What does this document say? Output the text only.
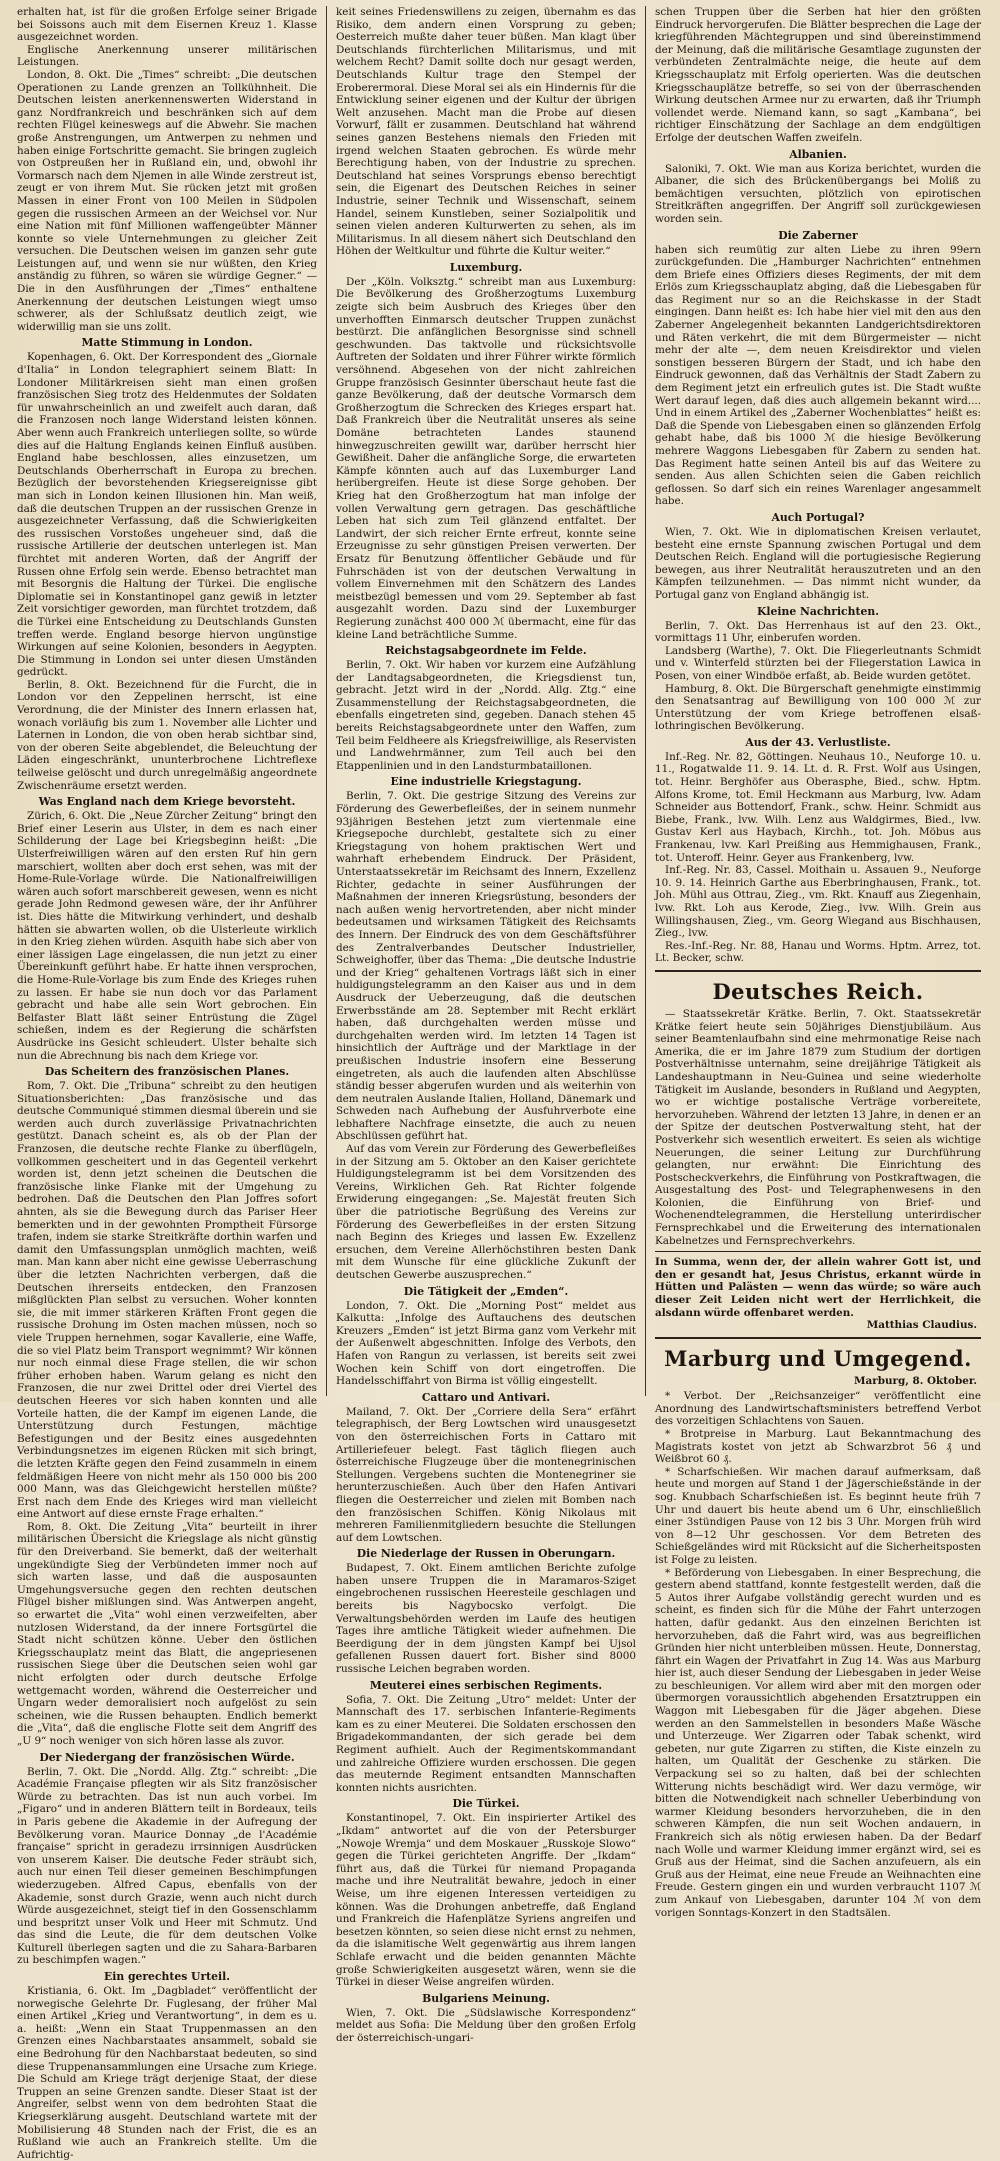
erhalten hat, ist für die großen Erfolge seiner Brigade bei Soissons auch mit dem Eisernen Kreuz 1. Klasse ausgezeichnet worden.

Englische Anerkennung unserer militärischen Leistungen.

London, 8. Okt. Die „Times“ schreibt: „Die deutschen Operationen zu Lande grenzen an Tollkühnheit. Die Deutschen leisten anerkennenswerten Widerstand in ganz Nordfrankreich und beschränken sich auf dem rechten Flügel keineswegs auf die Abwehr. Sie machen große Anstrengungen, um Antwerpen zu nehmen und haben einige Fortschritte gemacht. Sie bringen zugleich von Ostpreußen her in Rußland ein, und, obwohl ihr Vormarsch nach dem Njemen in alle Winde zerstreut ist, zeugt er von ihrem Mut. Sie rücken jetzt mit großen Massen in einer Front von 100 Meilen in Südpolen gegen die russischen Armeen an der Weichsel vor. Nur eine Nation mit fünf Millionen waffengeübter Männer konnte so viele Unternehmungen zu gleicher Zeit versuchen. Die Deutschen weisen im ganzen sehr gute Leistungen auf, und wenn sie nur wüßten, den Krieg anständig zu führen, so wären sie würdige Gegner.“ — Die in den Ausführungen der „Times“ enthaltene Anerkennung der deutschen Leistungen wiegt umso schwerer, als der Schlußsatz deutlich zeigt, wie widerwillig man sie uns zollt.

Matte Stimmung in London.

Kopenhagen, 6. Okt. Der Korrespondent des „Giornale d'Italia“ in London telegraphiert seinem Blatt: In Londoner Militärkreisen sieht man einen großen französischen Sieg trotz des Heldenmutes der Soldaten für unwahrscheinlich an und zweifelt auch daran, daß die Franzosen noch lange Widerstand leisten können. Aber wenn auch Frankreich unterliegen sollte, so würde dies auf die Haltung Englands keinen Einfluß ausüben. England habe beschlossen, alles einzusetzen, um Deutschlands Oberherrschaft in Europa zu brechen. Bezüglich der bevorstehenden Kriegsereignisse gibt man sich in London keinen Illusionen hin. Man weiß, daß die deutschen Truppen an der russischen Grenze in ausgezeichneter Verfassung, daß die Schwierigkeiten des russischen Vorstoßes ungeheuer sind, daß die russische Artillerie der deutschen unterlegen ist. Man fürchtet mit anderen Worten, daß der Angriff der Russen ohne Erfolg sein werde. Ebenso betrachtet man mit Besorgnis die Haltung der Türkei. Die englische Diplomatie sei in Konstantinopel ganz gewiß in letzter Zeit vorsichtiger geworden, man fürchtet trotzdem, daß die Türkei eine Entscheidung zu Deutschlands Gunsten treffen werde. England besorge hiervon ungünstige Wirkungen auf seine Kolonien, besonders in Aegypten. Die Stimmung in London sei unter diesen Umständen gedrückt.

Berlin, 8. Okt. Bezeichnend für die Furcht, die in London vor den Zeppelinen herrscht, ist eine Verordnung, die der Minister des Innern erlassen hat, wonach vorläufig bis zum 1. November alle Lichter und Laternen in London, die von oben herab sichtbar sind, von der oberen Seite abgeblendet, die Beleuchtung der Läden eingeschränkt, ununterbrochene Lichtreflexe teilweise gelöscht und durch unregelmäßig angeordnete Zwischenräume ersetzt werden.

Was England nach dem Kriege bevorsteht.

Zürich, 6. Okt. Die „Neue Zürcher Zeitung“ bringt den Brief einer Leserin aus Ulster, in dem es nach einer Schilderung der Lage bei Kriegsbeginn heißt: „Die Ulsterfreiwilligen wären auf den ersten Ruf hin gern marschiert, wollten aber doch erst sehen, was mit der Home-Rule-Vorlage würde. Die Nationalfreiwilligen wären auch sofort marschbereit gewesen, wenn es nicht gerade John Redmond gewesen wäre, der ihr Anführer ist. Dies hätte die Mitwirkung verhindert, und deshalb hätten sie abwarten wollen, ob die Ulsterleute wirklich in den Krieg ziehen würden. Asquith habe sich aber von einer lässigen Lage eingelassen, die nun jetzt zu einer Übereinkunft geführt habe. Er hatte ihnen versprochen, die Home-Rule-Vorlage bis zum Ende des Krieges ruhen zu lassen. Er habe sie nun doch vor das Parlament gebracht und habe alle sein Wort gebrochen. Ein Belfaster Blatt läßt seiner Entrüstung die Zügel schießen, indem es der Regierung die schärfsten Ausdrücke ins Gesicht schleudert. Ulster behalte sich nun die Abrechnung bis nach dem Kriege vor.

Das Scheitern des französischen Planes.

Rom, 7. Okt. Die „Tribuna“ schreibt zu den heutigen Situationsberichten: „Das französische und das deutsche Communiqué stimmen diesmal überein und sie werden auch durch zuverlässige Privatnachrichten gestützt. Danach scheint es, als ob der Plan der Franzosen, die deutsche rechte Flanke zu überflügeln, vollkommen gescheitert und in das Gegenteil verkehrt worden ist, denn jetzt scheinen die Deutschen die französische linke Flanke mit der Umgehung zu bedrohen. Daß die Deutschen den Plan Joffres sofort ahnten, als sie die Bewegung durch das Pariser Heer bemerkten und in der gewohnten Promptheit Fürsorge trafen, indem sie starke Streitkräfte dorthin warfen und damit den Umfassungsplan unmöglich machten, weiß man. Man kann aber nicht eine gewisse Ueberraschung über die letzten Nachrichten verbergen, daß die Deutschen ihrerseits entdecken, den Franzosen mißglückten Plan selbst zu versuchen. Woher konnten sie, die mit immer stärkeren Kräften Front gegen die russische Drohung im Osten machen müssen, noch so viele Truppen hernehmen, sogar Kavallerie, eine Waffe, die so viel Platz beim Transport wegnimmt? Wir können nur noch einmal diese Frage stellen, die wir schon früher erhoben haben. Warum gelang es nicht den Franzosen, die nur zwei Drittel oder drei Viertel des deutschen Heeres vor sich haben konnten und alle Vorteile hatten, die der Kampf im eigenen Lande, die Unterstützung durch Festungen, mächtige Befestigungen und der Besitz eines ausgedehnten Verbindungsnetzes im eigenen Rücken mit sich bringt, die letzten Kräfte gegen den Feind zusammeln in einem feldmäßigen Heere von nicht mehr als 150 000 bis 200 000 Mann, was das Gleichgewicht herstellen müßte? Erst nach dem Ende des Krieges wird man vielleicht eine Antwort auf diese ernste Frage erhalten.“

Rom, 8. Okt. Die Zeitung „Vita“ beurteilt in ihrer militärischen Übersicht die Kriegslage als nicht günstig für den Dreiverband. Sie bemerkt, daß der weiterhalt ungekündigte Sieg der Verbündeten immer noch auf sich warten lasse, und daß die ausposaunten Umgehungsversuche gegen den rechten deutschen Flügel bisher mißlungen sind. Was Antwerpen angeht, so erwartet die „Vita“ wohl einen verzweifelten, aber nutzlosen Widerstand, da der innere Fortsgürtel die Stadt nicht schützen könne. Ueber den östlichen Kriegsschauplatz meint das Blatt, die angepriesenen russischen Siege über die Deutschen seien wohl gar nicht erfolgten oder durch deutsche Erfolge wettgemacht worden, während die Oesterreicher und Ungarn weder demoralisiert noch aufgelöst zu sein scheinen, wie die Russen behaupten. Endlich bemerkt die „Vita“, daß die englische Flotte seit dem Angriff des „U 9“ noch weniger von sich hören lasse als zuvor.

Der Niedergang der französischen Würde.

Berlin, 7. Okt. Die „Nordd. Allg. Ztg.“ schreibt: „Die Académie Française pflegten wir als Sitz französischer Würde zu betrachten. Das ist nun auch vorbei. Im „Figaro“ und in anderen Blättern teilt in Bordeaux, teils in Paris gebene die Akademie in der Aufregung der Bevölkerung voran. Maurice Donnay „de l'Académie française“ spricht in geradezu irrsinnigen Ausdrücken von unserem Kaiser. Die deutsche Feder sträubt sich, auch nur einen Teil dieser gemeinen Beschimpfungen wiederzugeben. Alfred Capus, ebenfalls von der Akademie, sonst durch Grazie, wenn auch nicht durch Würde ausgezeichnet, steigt tief in den Gossenschlamm und bespritzt unser Volk und Heer mit Schmutz. Und das sind die Leute, die für dem deutschen Volke Kulturell überlegen sagten und die zu Sahara-Barbaren zu beschimpfen wagen.“

Ein gerechtes Urteil.

Kristiania, 6. Okt. Im „Dagbladet“ veröffentlicht der norwegische Gelehrte Dr. Fuglesang, der früher Mal einen Artikel „Krieg und Verantwortung“, in dem es u. a. heißt: „Wenn ein Staat Truppenmassen an den Grenzen eines Nachbarstaates ansammelt, sobald sie eine Bedrohung für den Nachbarstaat bedeuten, so sind diese Truppenansammlungen eine Ursache zum Kriege. Die Schuld am Kriege trägt derjenige Staat, der diese Truppen an seine Grenzen sandte. Dieser Staat ist der Angreifer, selbst wenn von dem bedrohten Staat die Kriegserklärung ausgeht. Deutschland wartete mit der Mobilisierung 48 Stunden nach der Frist, die es an Rußland wie auch an Frankreich stellte. Um die Aufrichtig-

keit seines Friedenswillens zu zeigen, übernahm es das Risiko, dem andern einen Vorsprung zu geben; Oesterreich mußte daher teuer büßen. Man klagt über Deutschlands fürchterlichen Militarismus, und mit welchem Recht? Damit sollte doch nur gesagt werden, Deutschlands Kultur trage den Stempel der Eroberermoral. Diese Moral sei als ein Hindernis für die Entwicklung seiner eigenen und der Kultur der übrigen Welt anzusehen. Macht man die Probe auf diesen Vorwurf, fällt er zusammen. Deutschland hat während seines ganzen Bestehens niemals den Frieden mit irgend welchen Staaten gebrochen. Es würde mehr Berechtigung haben, von der Industrie zu sprechen. Deutschland hat seines Vorsprungs ebenso berechtigt sein, die Eigenart des Deutschen Reiches in seiner Industrie, seiner Technik und Wissenschaft, seinem Handel, seinem Kunstleben, seiner Sozialpolitik und seinen vielen anderen Kulturwerten zu sehen, als im Militarismus. In all diesem nähert sich Deutschland den Höhen der Weltkultur und führte die Kultur weiter.“

Luxemburg.

Der „Köln. Volksztg.“ schreibt man aus Luxemburg: Die Bevölkerung des Großherzogtums Luxemburg zeigte sich beim Ausbruch des Krieges über den unverhofften Einmarsch deutscher Truppen zunächst bestürzt. Die anfänglichen Besorgnisse sind schnell geschwunden. Das taktvolle und rücksichtsvolle Auftreten der Soldaten und ihrer Führer wirkte förmlich versöhnend. Abgesehen von der nicht zahlreichen Gruppe französisch Gesinnter überschaut heute fast die ganze Bevölkerung, daß der deutsche Vormarsch dem Großherzogtum die Schrecken des Krieges erspart hat. Daß Frankreich über die Neutralität unseres als seine Domäne betrachteten Landes staunend hinwegzuschreiten gewillt war, darüber herrscht hier Gewißheit. Daher die anfängliche Sorge, die erwarteten Kämpfe könnten auch auf das Luxemburger Land herübergreifen. Heute ist diese Sorge gehoben. Der Krieg hat den Großherzogtum hat man infolge der vollen Verwaltung gern getragen. Das geschäftliche Leben hat sich zum Teil glänzend entfaltet. Der Landwirt, der sich reicher Ernte erfreut, konnte seine Erzeugnisse zu sehr günstigen Preisen verwerten. Der Ersatz für Benutzung öffentlicher Gebäude und für Fuhrschäden ist von der deutschen Verwaltung in vollem Einvernehmen mit den Schätzern des Landes meistbezügl bemessen und vom 29. September ab fast ausgezahlt worden. Dazu sind der Luxemburger Regierung zunächst 400 000 ℳ übermacht, eine für das kleine Land beträchtliche Summe.

Reichstagsabgeordnete im Felde.

Berlin, 7. Okt. Wir haben vor kurzem eine Aufzählung der Landtagsabgeordneten, die Kriegsdienst tun, gebracht. Jetzt wird in der „Nordd. Allg. Ztg.“ eine Zusammenstellung der Reichstagsabgeordneten, die ebenfalls eingetreten sind, gegeben. Danach stehen 45 bereits Reichstagsabgeordnete unter den Waffen, zum Teil beim Feldheere als Kriegsfreiwillige, als Reservisten und Landwehrmänner, zum Teil auch bei den Etappenlinien und in den Landsturmbataillonen.

Eine industrielle Kriegstagung.

Berlin, 7. Okt. Die gestrige Sitzung des Vereins zur Förderung des Gewerbefleißes, der in seinem nunmehr 93jährigen Bestehen jetzt zum viertenmale eine Kriegsepoche durchlebt, gestaltete sich zu einer Kriegstagung von hohem praktischen Wert und wahrhaft erhebendem Eindruck. Der Präsident, Unterstaatssekretär im Reichsamt des Innern, Exzellenz Richter, gedachte in seiner Ausführungen der Maßnahmen der inneren Kriegsrüstung, besonders der nach außen wenig hervortretenden, aber nicht minder bedeutsamen und wirksamen Tätigkeit des Reichsamts des Innern. Der Eindruck des von dem Geschäftsführer des Zentralverbandes Deutscher Industrieller, Schweighoffer, über das Thema: „Die deutsche Industrie und der Krieg“ gehaltenen Vortrags läßt sich in einer huldigungstelegramm an den Kaiser aus und in dem Ausdruck der Ueberzeugung, daß die deutschen Erwerbsstände am 28. September mit Recht erklärt haben, daß durchgehalten werden müsse und durchgehalten werden wird. Im letzten 14 Tagen ist hinsichtlich der Aufträge und der Marktlage in der preußischen Industrie insofern eine Besserung eingetreten, als auch die laufenden alten Abschlüsse ständig besser abgerufen wurden und als weiterhin von dem neutralen Auslande Italien, Holland, Dänemark und Schweden nach Aufhebung der Ausfuhrverbote eine lebhaftere Nachfrage einsetzte, die auch zu neuen Abschlüssen geführt hat.

Auf das vom Verein zur Förderung des Gewerbefleißes in der Sitzung am 5. Oktober an den Kaiser gerichtete Huldigungstelegramm ist bei dem Vorsitzenden des Vereins, Wirklichen Geh. Rat Richter folgende Erwiderung eingegangen: „Se. Majestät freuten Sich über die patriotische Begrüßung des Vereins zur Förderung des Gewerbefleißes in der ersten Sitzung nach Beginn des Krieges und lassen Ew. Exzellenz ersuchen, dem Vereine Allerhöchstihren besten Dank mit dem Wunsche für eine glückliche Zukunft der deutschen Gewerbe auszusprechen.“

Die Tätigkeit der „Emden“.

London, 7. Okt. Die „Morning Post“ meldet aus Kalkutta: „Infolge des Auftauchens des deutschen Kreuzers „Emden“ ist jetzt Birma ganz vom Verkehr mit der Außenwelt abgeschnitten. Infolge des Verbots, den Hafen von Rangun zu verlassen, ist bereits seit zwei Wochen kein Schiff von dort eingetroffen. Die Handelsschiffahrt von Birma ist völlig eingestellt.

Cattaro und Antivari.

Mailand, 7. Okt. Der „Corriere della Sera“ erfährt telegraphisch, der Berg Lowtschen wird unausgesetzt von den österreichischen Forts in Cattaro mit Artilleriefeuer belegt. Fast täglich fliegen auch österreichische Flugzeuge über die montenegrinischen Stellungen. Vergebens suchten die Montenegriner sie herunterzuschießen. Auch über den Hafen Antivari fliegen die Oesterreicher und zielen mit Bomben nach den französischen Schiffen. König Nikolaus mit mehreren Familienmitgliedern besuchte die Stellungen auf dem Lowtschen.

Die Niederlage der Russen in Oberungarn.

Budapest, 7. Okt. Einem amtlichen Berichte zufolge haben unsere Truppen die in Maramaros-Sziget eingebrochenen russischen Heeresteile geschlagen und bereits bis Nagybocsko verfolgt. Die Verwaltungsbehörden werden im Laufe des heutigen Tages ihre amtliche Tätigkeit wieder aufnehmen. Die Beerdigung der in dem jüngsten Kampf bei Ujsol gefallenen Russen dauert fort. Bisher sind 8000 russische Leichen begraben worden.

Meuterei eines serbischen Regiments.

Sofia, 7. Okt. Die Zeitung „Utro“ meldet: Unter der Mannschaft des 17. serbischen Infanterie-Regiments kam es zu einer Meuterei. Die Soldaten erschossen den Brigadekommandanten, der sich gerade bei dem Regiment aufhielt. Auch der Regimentskommandant und zahlreiche Offiziere wurden erschossen. Die gegen das meuternde Regiment entsandten Mannschaften konnten nichts ausrichten.

Die Türkei.

Konstantinopel, 7. Okt. Ein inspirierter Artikel des „Ikdam“ antwortet auf die von der Petersburger „Nowoje Wremja“ und dem Moskauer „Russkoje Slowo“ gegen die Türkei gerichteten Angriffe. Der „Ikdam“ führt aus, daß die Türkei für niemand Propaganda mache und ihre Neutralität bewahre, jedoch in einer Weise, um ihre eigenen Interessen verteidigen zu können. Was die Drohungen anbetreffe, daß England und Frankreich die Hafenplätze Syriens angreifen und besetzen könnten, so seien diese nicht ernst zu nehmen, da die islamitische Welt gegenwärtig aus ihrem langen Schlafe erwacht und die beiden genannten Mächte große Schwierigkeiten ausgesetzt wären, wenn sie die Türkei in dieser Weise angreifen würden.

Bulgariens Meinung.

Wien, 7. Okt. Die „Südslawische Korrespondenz“ meldet aus Sofia: Die Meldung über den großen Erfolg der österreichisch-ungari-

schen Truppen über die Serben hat hier den größten Eindruck hervorgerufen. Die Blätter besprechen die Lage der kriegführenden Mächtegruppen und sind übereinstimmend der Meinung, daß die militärische Gesamtlage zugunsten der verbündeten Zentralmächte neige, die heute auf dem Kriegsschauplatz mit Erfolg operierten. Was die deutschen Kriegsschauplätze betreffe, so sei von der überraschenden Wirkung deutschen Armee nur zu erwarten, daß ihr Triumph vollendet werde. Niemand kann, so sagt „Kambana“, bei richtiger Einschätzung der Sachlage an dem endgültigen Erfolge der deutschen Waffen zweifeln.

Albanien.

Saloniki, 7. Okt. Wie man aus Koriza berichtet, wurden die Albaner, die sich des Brückenübergangs bei Moliß zu bemächtigen versuchten, plötzlich von epirotischen Streitkräften angegriffen. Der Angriff soll zurückgewiesen worden sein.

Die Zaberner

haben sich reumütig zur alten Liebe zu ihren 99ern zurückgefunden. Die „Hamburger Nachrichten“ entnehmen dem Briefe eines Offiziers dieses Regiments, der mit dem Erlös zum Kriegsschauplatz abging, daß die Liebesgaben für das Regiment nur so an die Reichskasse in der Stadt eingingen. Dann heißt es: Ich habe hier viel mit den aus den Zaberner Angelegenheit bekannten Landgerichtsdirektoren und Räten verkehrt, die mit dem Bürgermeister — nicht mehr der alte —, dem neuen Kreisdirektor und vielen sonstigen besseren Bürgern der Stadt, und ich habe den Eindruck gewonnen, daß das Verhältnis der Stadt Zabern zu dem Regiment jetzt ein erfreulich gutes ist. Die Stadt wußte Wert darauf legen, daß dies auch allgemein bekannt wird.... Und in einem Artikel des „Zaberner Wochenblattes“ heißt es: Daß die Spende von Liebesgaben einen so glänzenden Erfolg gehabt habe, daß bis 1000 ℳ die hiesige Bevölkerung mehrere Waggons Liebesgaben für Zabern zu senden hat. Das Regiment hatte seinen Anteil bis auf das Weitere zu senden. Aus allen Schichten seien die Gaben reichlich geflossen. So darf sich ein reines Warenlager angesammelt habe.

Auch Portugal?

Wien, 7. Okt. Wie in diplomatischen Kreisen verlautet, besteht eine ernste Spannung zwischen Portugal und dem Deutschen Reich. England will die portugiesische Regierung bewegen, aus ihrer Neutralität herauszutreten und an den Kämpfen teilzunehmen. — Das nimmt nicht wunder, da Portugal ganz von England abhängig ist.

Kleine Nachrichten.

Berlin, 7. Okt. Das Herrenhaus ist auf den 23. Okt., vormittags 11 Uhr, einberufen worden.

Landsberg (Warthe), 7. Okt. Die Fliegerleutnants Schmidt und v. Winterfeld stürzten bei der Fliegerstation Lawica in Posen, von einer Windböe erfaßt, ab. Beide wurden getötet.

Hamburg, 8. Okt. Die Bürgerschaft genehmigte einstimmig den Senatsantrag auf Bewilligung von 100 000 ℳ zur Unterstützung der vom Kriege betroffenen elsaß-lothringischen Bevölkerung.

Aus der 43. Verlustliste.

Inf.-Reg. Nr. 82, Göttingen. Neuhaus 10., Neuforge 10. u. 11., Rogatwalde 11. 9. 14. Lt. d. R. Frst. Wolf aus Usingen, tot. Heinr. Berghöfer aus Oberasphe, Bied., schw. Hptm. Alfons Krome, tot. Emil Heckmann aus Marburg, lvw. Adam Schneider aus Bottendorf, Frank., schw. Heinr. Schmidt aus Biebe, Frank., lvw. Wilh. Lenz aus Waldgirmes, Bied., lvw. Gustav Kerl aus Haybach, Kirchh., tot. Joh. Möbus aus Frankenau, lvw. Karl Preißing aus Hemmighausen, Frank., tot. Unteroff. Heinr. Geyer aus Frankenberg, lvw.

Inf.-Reg. Nr. 83, Cassel. Moithain u. Assauen 9., Neuforge 10. 9. 14. Heinrich Garthe aus Eberbringhausen, Frank., tot. Joh. Mühl aus Ottrau, Zieg., vm. Rkt. Knauff aus Ziegenhain, lvw. Rkt. Loh aus Kerode, Zieg., lvw. Wilh. Grein aus Willingshausen, Zieg., vm. Georg Wiegand aus Bischhausen, Zieg., lvw.

Res.-Inf.-Reg. Nr. 88, Hanau und Worms. Hptm. Arrez, tot. Lt. Becker, schw.

Deutsches Reich.

— Staatssekretär Krätke. Berlin, 7. Okt. Staatssekretär Krätke feiert heute sein 50jähriges Dienstjubiläum. Aus seiner Beamtenlaufbahn sind eine mehrmonatige Reise nach Amerika, die er im Jahre 1879 zum Studium der dortigen Postverhältnisse unternahm, seine dreijährige Tätigkeit als Landeshauptmann in Neu-Guinea und seine wiederholte Tätigkeit im Auslande, besonders in Rußland und Aegypten, wo er wichtige postalische Verträge vorbereitete, hervorzuheben. Während der letzten 13 Jahre, in denen er an der Spitze der deutschen Postverwaltung steht, hat der Postverkehr sich wesentlich erweitert. Es seien als wichtige Neuerungen, die seiner Leitung zur Durchführung gelangten, nur erwähnt: Die Einrichtung des Postscheckverkehrs, die Einführung von Postkraftwagen, die Ausgestaltung des Post- und Telegraphenwesens in den Kolonien, die Einführung von Brief- und Wochenendtelegrammen, die Herstellung unterirdischer Fernsprechkabel und die Erweiterung des internationalen Kabelnetzes und Fernsprechverkehrs.

In Summa, wenn der, der allein wahrer Gott ist, und den er gesandt hat, Jesus Christus, erkannt würde in Hütten und Palästen — wenn das würde; so wäre auch dieser Zeit Leiden nicht wert der Herrlichkeit, die alsdann würde offenbaret werden.

Matthias Claudius.
Marburg und Umgegend.
Marburg, 8. Oktober.

* Verbot. Der „Reichsanzeiger“ veröffentlicht eine Anordnung des Landwirtschaftsministers betreffend Verbot des vorzeitigen Schlachtens von Sauen.

* Brotpreise in Marburg. Laut Bekanntmachung des Magistrats kostet von jetzt ab Schwarzbrot 56 ₰ und Weißbrot 60 ₰.

* Scharfschießen. Wir machen darauf aufmerksam, daß heute und morgen auf Stand 1 der Jägerschießstände in der sog. Knubbach Scharfschießen ist. Es beginnt heute früh 7 Uhr und dauert bis heute abend um 6 Uhr, einschließlich einer 3stündigen Pause von 12 bis 3 Uhr. Morgen früh wird von 8—12 Uhr geschossen. Vor dem Betreten des Schießgeländes wird mit Rücksicht auf die Sicherheitsposten ist Folge zu leisten.

* Beförderung von Liebesgaben. In einer Besprechung, die gestern abend stattfand, konnte festgestellt werden, daß die 5 Autos ihrer Aufgabe vollständig gerecht wurden und es scheint, es finden sich für die Mühe der Fahrt unterzogen hatten, dafür gedankt. Aus den einzelnen Berichten ist hervorzuheben, daß die Fahrt wird, was aus begreiflichen Gründen hier nicht unterbleiben müssen. Heute, Donnerstag, fährt ein Wagen der Privatfahrt in Zug 14. Was aus Marburg hier ist, auch dieser Sendung der Liebesgaben in jeder Weise zu beschleunigen. Vor allem wird aber mit den morgen oder übermorgen voraussichtlich abgehenden Ersatztruppen ein Waggon mit Liebesgaben für die Jäger abgehen. Diese werden an den Sammelstellen in besonders Maße Wäsche und Unterzeuge. Wer Zigarren oder Tabak schenkt, wird gebeten, nur gute Zigarren zu stiften, die Kiste einzeln zu halten, um Qualität der Geschenke zu stärken. Die Verpackung sei so zu halten, daß bei der schlechten Witterung nichts beschädigt wird. Wer dazu vermöge, wir bitten die Notwendigkeit nach schneller Ueberbindung von warmer Kleidung besonders hervorzuheben, die in den schweren Kämpfen, die nun seit Wochen andauern, in Frankreich sich als nötig erwiesen haben. Da der Bedarf nach Wolle und warmer Kleidung immer ergänzt wird, sei es Gruß aus der Heimat, sind die Sachen anzufeuern, als ein Gruß aus der Heimat, eine neue Freude an Weihnachten eine Freude. Gestern gingen ein und wurden verbraucht 1107 ℳ zum Ankauf von Liebesgaben, darunter 104 ℳ von dem vorigen Sonntags-Konzert in den Stadtsälen.
